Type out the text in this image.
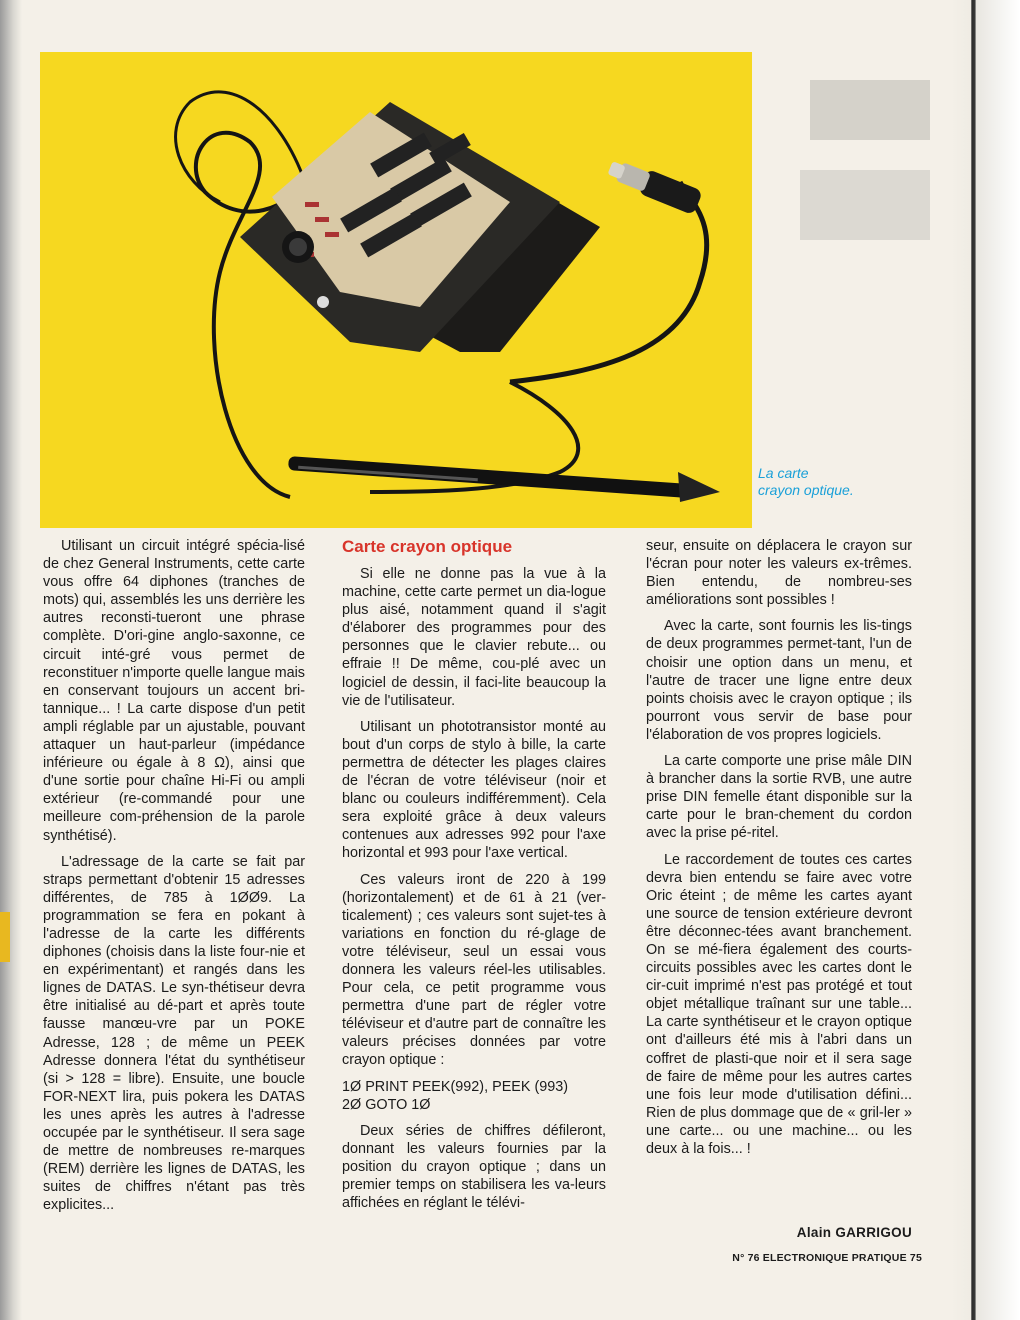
La carte
crayon optique.

Utilisant un circuit intégré spécia-lisé de chez General Instruments, cette carte vous offre 64 diphones (tranches de mots) qui, assemblés les uns derrière les autres reconsti-tueront une phrase complète. D'ori-gine anglo-saxonne, ce circuit inté-gré vous permet de reconstituer n'importe quelle langue mais en conservant toujours un accent bri-tannique... ! La carte dispose d'un petit ampli réglable par un ajustable, pouvant attaquer un haut-parleur (impédance inférieure ou égale à 8 Ω), ainsi que d'une sortie pour chaîne Hi-Fi ou ampli extérieur (re-commandé pour une meilleure com-préhension de la parole synthétisé).

L'adressage de la carte se fait par straps permettant d'obtenir 15 adresses différentes, de 785 à 1ØØ9. La programmation se fera en pokant à l'adresse de la carte les différents diphones (choisis dans la liste four-nie et en expérimentant) et rangés dans les lignes de DATAS. Le syn-thétiseur devra être initialisé au dé-part et après toute fausse manœu-vre par un POKE Adresse, 128 ; de même un PEEK Adresse donnera l'état du synthétiseur (si > 128 = libre). Ensuite, une boucle FOR-NEXT lira, puis pokera les DATAS les unes après les autres à l'adresse occupée par le synthétiseur. Il sera sage de mettre de nombreuses re-marques (REM) derrière les lignes de DATAS, les suites de chiffres n'étant pas très explicites...

Carte crayon optique

Si elle ne donne pas la vue à la machine, cette carte permet un dia-logue plus aisé, notamment quand il s'agit d'élaborer des programmes pour des personnes que le clavier rebute... ou effraie !! De même, cou-plé avec un logiciel de dessin, il faci-lite beaucoup la vie de l'utilisateur.

Utilisant un phototransistor monté au bout d'un corps de stylo à bille, la carte permettra de détecter les plages claires de l'écran de votre téléviseur (noir et blanc ou couleurs indifféremment). Cela sera exploité grâce à deux valeurs contenues aux adresses 992 pour l'axe horizontal et 993 pour l'axe vertical.

Ces valeurs iront de 220 à 199 (horizontalement) et de 61 à 21 (ver-ticalement) ; ces valeurs sont sujet-tes à variations en fonction du ré-glage de votre téléviseur, seul un essai vous donnera les valeurs réel-les utilisables. Pour cela, ce petit programme vous permettra d'une part de régler votre téléviseur et d'autre part de connaître les valeurs précises données par votre crayon optique :

1Ø PRINT PEEK(992), PEEK (993)

2Ø GOTO 1Ø

Deux séries de chiffres défileront, donnant les valeurs fournies par la position du crayon optique ; dans un premier temps on stabilisera les va-leurs affichées en réglant le télévi-

seur, ensuite on déplacera le crayon sur l'écran pour noter les valeurs ex-trêmes. Bien entendu, de nombreu-ses améliorations sont possibles !

Avec la carte, sont fournis les lis-tings de deux programmes permet-tant, l'un de choisir une option dans un menu, et l'autre de tracer une ligne entre deux points choisis avec le crayon optique ; ils pourront vous servir de base pour l'élaboration de vos propres logiciels.

La carte comporte une prise mâle DIN à brancher dans la sortie RVB, une autre prise DIN femelle étant disponible sur la carte pour le bran-chement du cordon avec la prise pé-ritel.

Le raccordement de toutes ces cartes devra bien entendu se faire avec votre Oric éteint ; de même les cartes ayant une source de tension extérieure devront être déconnec-tées avant branchement. On se mé-fiera également des courts-circuits possibles avec les cartes dont le cir-cuit imprimé n'est pas protégé et tout objet métallique traînant sur une table... La carte synthétiseur et le crayon optique ont d'ailleurs été mis à l'abri dans un coffret de plasti-que noir et il sera sage de faire de même pour les autres cartes une fois leur mode d'utilisation défini... Rien de plus dommage que de « gril-ler » une carte... ou une machine... ou les deux à la fois... !

Alain GARRIGOU
N° 76 ELECTRONIQUE PRATIQUE 75
